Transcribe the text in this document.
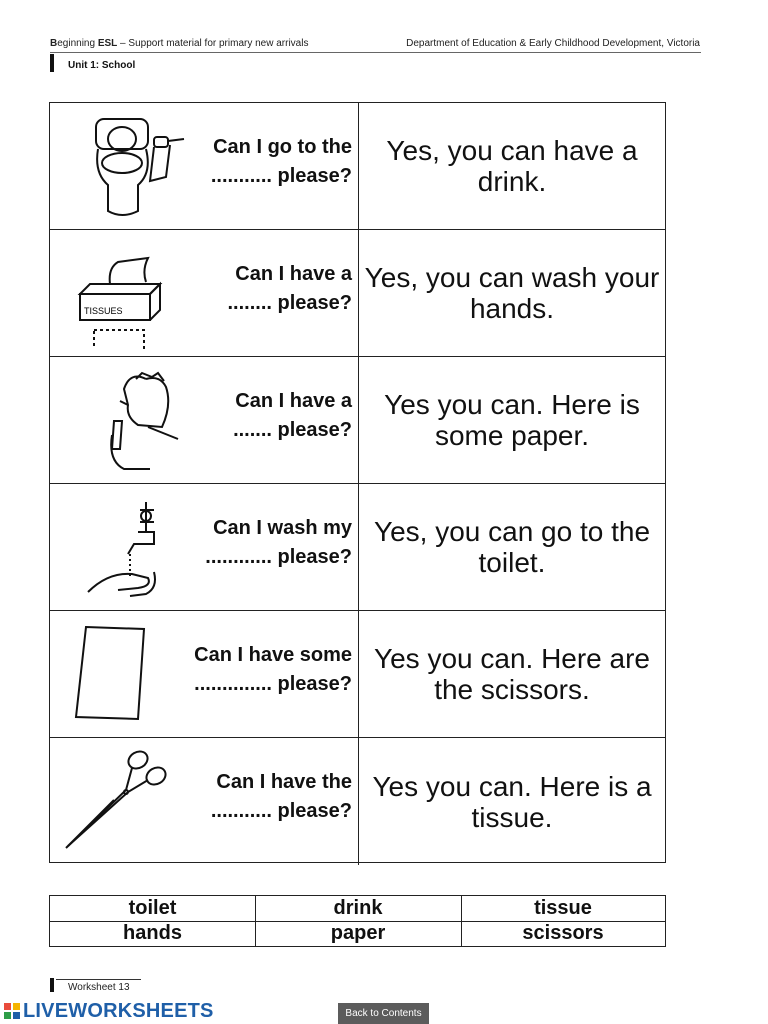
Beginning ESL – Support material for primary new arrivals	Department of Education & Early Childhood Development, Victoria
Unit 1: School
Can I go to the
........... please?
Yes, you can have a drink.
TISSUES
Can I have a
........ please?
Yes, you can wash your hands.
Can I have a
....... please?
Yes you can. Here is some paper.
Can I wash my
............ please?
Yes, you can go to the toilet.
Can I have some
.............. please?
Yes you can. Here are the scissors.
Can I have the
........... please?
Yes you can. Here is a tissue.
toilet	drink	tissue
hands	paper	scissors
Worksheet 13
LIVEWORKSHEETS	Back to Contents
